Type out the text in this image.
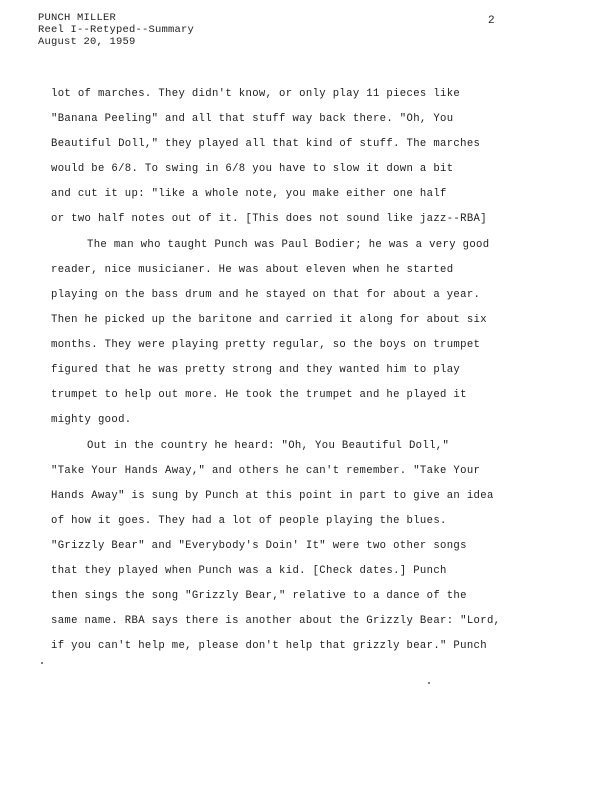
PUNCH MILLER
Reel I--Retyped--Summary
August 20, 1959
2
lot of marches. They didn't know, or only play 11 pieces like
"Banana Peeling" and all that stuff way back there. "Oh, You
Beautiful Doll," they played all that kind of stuff. The marches
would be 6/8. To swing in 6/8 you have to slow it down a bit
and cut it up: "like a whole note, you make either one half
or two half notes out of it. [This does not sound like jazz--RBA]
The man who taught Punch was Paul Bodier; he was a very good
reader, nice musicianer. He was about eleven when he started
playing on the bass drum and he stayed on that for about a year.
Then he picked up the baritone and carried it along for about six
months. They were playing pretty regular, so the boys on trumpet
figured that he was pretty strong and they wanted him to play
trumpet to help out more. He took the trumpet and he played it
mighty good.
Out in the country he heard: "Oh, You Beautiful Doll,"
"Take Your Hands Away," and others he can't remember. "Take Your
Hands Away" is sung by Punch at this point in part to give an idea
of how it goes. They had a lot of people playing the blues.
"Grizzly Bear" and "Everybody's Doin' It" were two other songs
that they played when Punch was a kid. [Check dates.] Punch
then sings the song "Grizzly Bear," relative to a dance of the
same name. RBA says there is another about the Grizzly Bear: "Lord,
if you can't help me, please don't help that grizzly bear." Punch
